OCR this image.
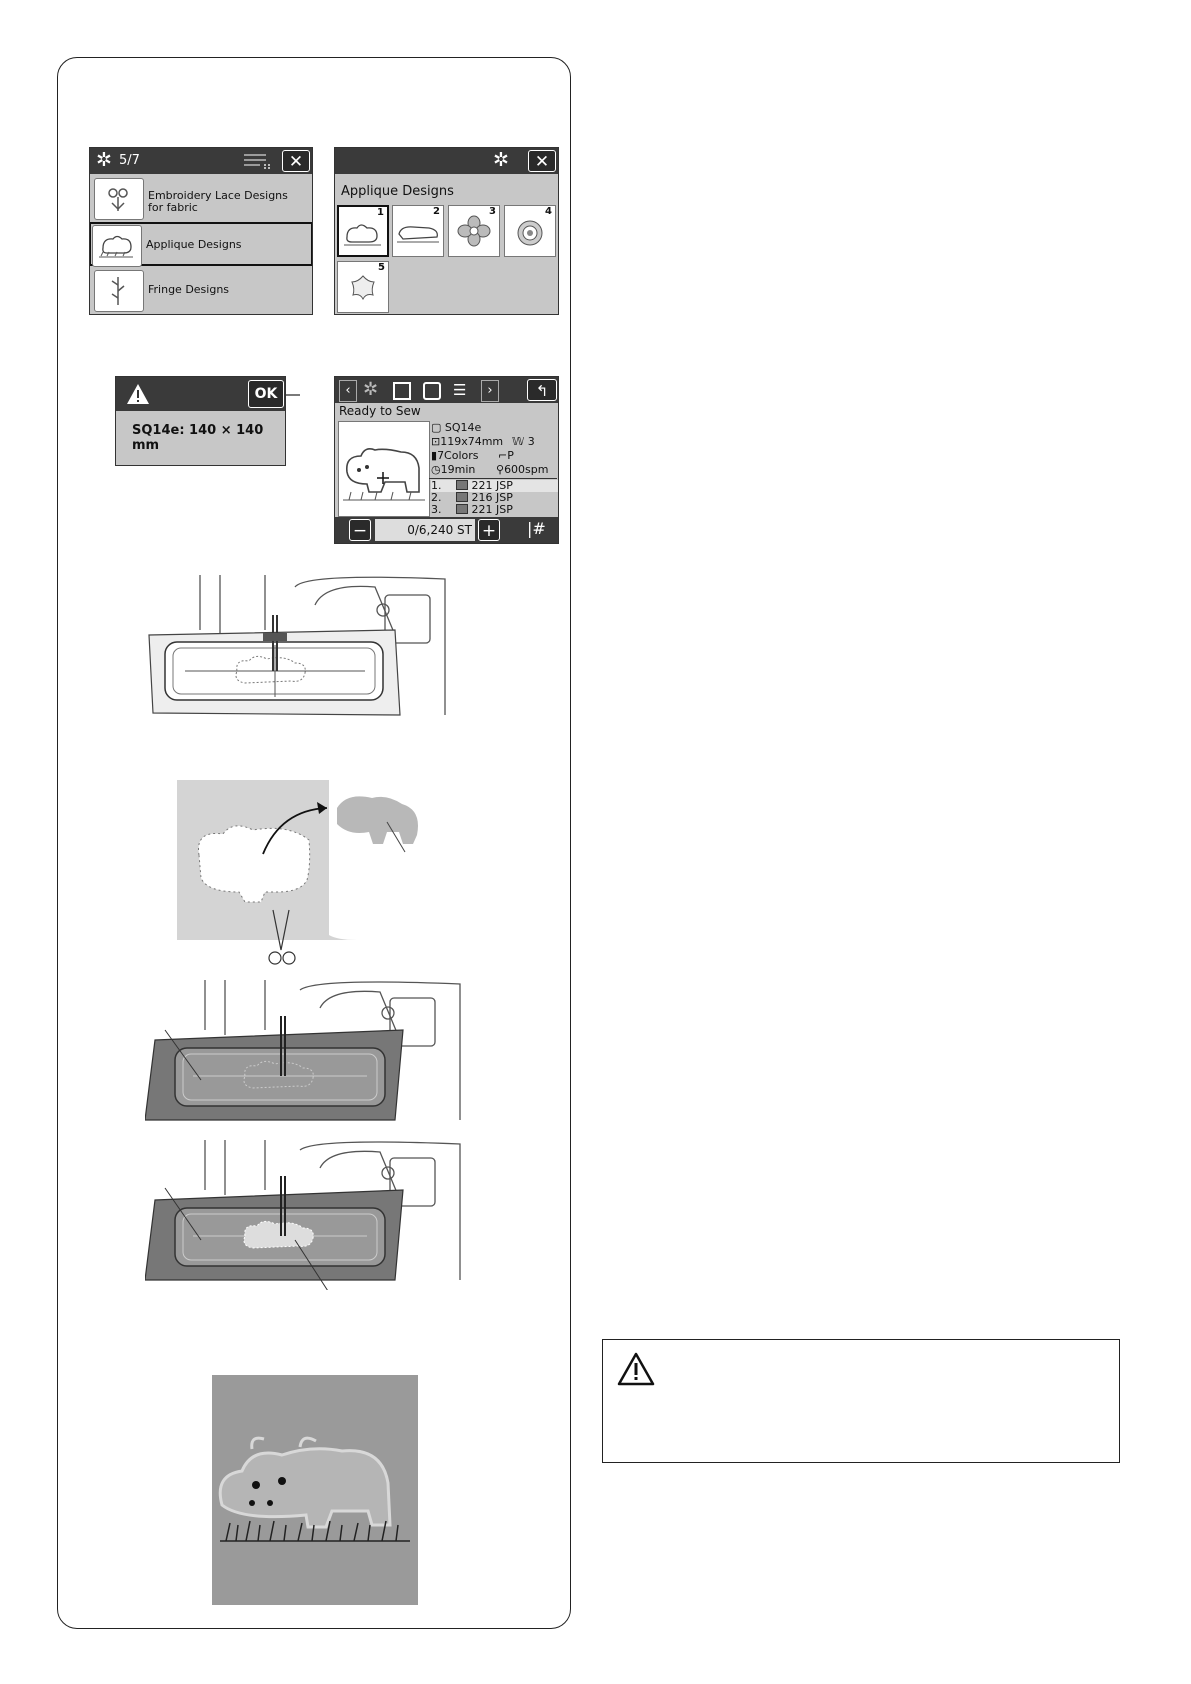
✲ 5/7	✕
Embroidery Lace Designs
for fabric
Applique Designs
Fringe Designs
✲	✕
Applique Designs
1	2	3	4
5
OK
SQ14e: 140 × 140 mm
‹ ✲	☰	›	↰
Ready to Sew
▢ SQ14e
⊡119x74mm 𝕎 3
▮7Colors ⌐P
◷19min ⚲600spm
1.	221 JSP
2.	216 JSP
3.	221 JSP
−	0/6,240 ST + |#
